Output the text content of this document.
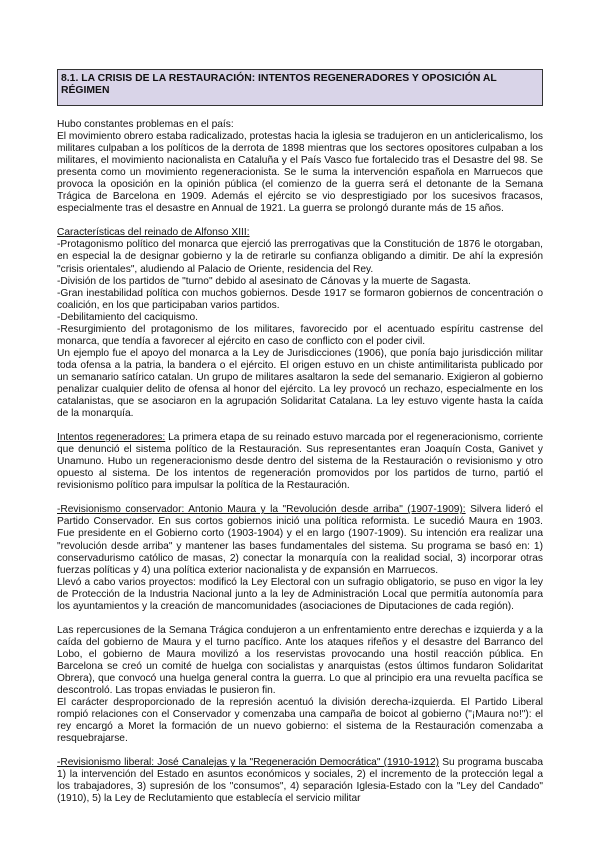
8.1. LA CRISIS DE LA RESTAURACIÓN: INTENTOS REGENERADORES Y OPOSICIÓN AL RÉGIMEN

Hubo constantes problemas en el país:
El movimiento obrero estaba radicalizado, protestas hacia la iglesia se tradujeron en un anticlericalismo, los militares culpaban a los políticos de la derrota de 1898 mientras que los sectores opositores culpaban a los militares, el movimiento nacionalista en Cataluña y el País Vasco fue fortalecido tras el Desastre del 98. Se presenta como un movimiento regeneracionista. Se le suma la intervención española en Marruecos que provoca la oposición en la opinión pública (el comienzo de la guerra será el detonante de la Semana Trágica de Barcelona en 1909. Además el ejército se vio desprestigiado por los sucesivos fracasos, especialmente tras el desastre en Annual de 1921. La guerra se prolongó durante más de 15 años.

Características del reinado de Alfonso XIII:

-Protagonismo político del monarca que ejerció las prerrogativas que la Constitución de 1876 le otorgaban, en especial la de designar gobierno y la de retirarle su confianza obligando a dimitir. De ahí la expresión "crisis orientales", aludiendo al Palacio de Oriente, residencia del Rey.

-División de los partidos de "turno" debido al asesinato de Cánovas y la muerte de Sagasta.

-Gran inestabilidad política con muchos gobiernos. Desde 1917 se formaron gobiernos de concentración o coalición, en los que participaban varios partidos.

-Debilitamiento del caciquismo.

-Resurgimiento del protagonismo de los militares, favorecido por el acentuado espíritu castrense del monarca, que tendía a favorecer al ejército en caso de conflicto con el poder civil.

Un ejemplo fue el apoyo del monarca a la Ley de Jurisdicciones (1906), que ponía bajo jurisdicción militar toda ofensa a la patria, la bandera o el ejército. El origen estuvo en un chiste antimilitarista publicado por un semanario satírico catalan. Un grupo de militares asaltaron la sede del semanario. Exigieron al gobierno penalizar cualquier delito de ofensa al honor del ejército. La ley provocó un rechazo, especialmente en los catalanistas, que se asociaron en la agrupación Solidaritat Catalana. La ley estuvo vigente hasta la caída de la monarquía.

Intentos regeneradores: La primera etapa de su reinado estuvo marcada por el regeneracionismo, corriente que denunció el sistema político de la Restauración. Sus representantes eran Joaquín Costa, Ganivet y Unamuno. Hubo un regeneracionismo desde dentro del sistema de la Restauración o revisionismo y otro opuesto al sistema. De los intentos de regeneración promovidos por los partidos de turno, partió el revisionismo político para impulsar la política de la Restauración.

-Revisionismo conservador: Antonio Maura y la "Revolución desde arriba" (1907-1909): Silvera lideró el Partido Conservador. En sus cortos gobiernos inició una política reformista. Le sucedió Maura en 1903. Fue presidente en el Gobierno corto (1903-1904) y el en largo (1907-1909). Su intención era realizar una "revolución desde arriba" y mantener las bases fundamentales del sistema. Su programa se basó en: 1) conservadurismo católico de masas, 2) conectar la monarquía con la realidad social, 3) incorporar otras fuerzas políticas y 4) una política exterior nacionalista y de expansión en Marruecos.

Llevó a cabo varios proyectos: modificó la Ley Electoral con un sufragio obligatorio, se puso en vigor la ley de Protección de la Industria Nacional junto a la ley de Administración Local que permitía autonomía para los ayuntamientos y la creación de mancomunidades (asociaciones de Diputaciones de cada región).

Las repercusiones de la Semana Trágica condujeron a un enfrentamiento entre derechas e izquierda y a la caída del gobierno de Maura y el turno pacífico. Ante los ataques rifeños y el desastre del Barranco del Lobo, el gobierno de Maura movilizó a los reservistas provocando una hostil reacción pública. En Barcelona se creó un comité de huelga con socialistas y anarquistas (estos últimos fundaron Solidaritat Obrera), que convocó una huelga general contra la guerra. Lo que al principio era una revuelta pacífica se descontroló. Las tropas enviadas le pusieron fin.

El carácter desproporcionado de la represión acentuó la división derecha-izquierda. El Partido Liberal rompió relaciones con el Conservador y comenzaba una campaña de boicot al gobierno ("¡Maura no!"): el rey encargó a Moret la formación de un nuevo gobierno: el sistema de la Restauración comenzaba a resquebrajarse.

-Revisionismo liberal: José Canalejas y la "Regeneración Democrática" (1910-1912) Su programa buscaba 1) la intervención del Estado en asuntos económicos y sociales, 2) el incremento de la protección legal a los trabajadores, 3) supresión de los "consumos", 4) separación Iglesia-Estado con la "Ley del Candado" (1910), 5) la Ley de Reclutamiento que establecía el servicio militar
